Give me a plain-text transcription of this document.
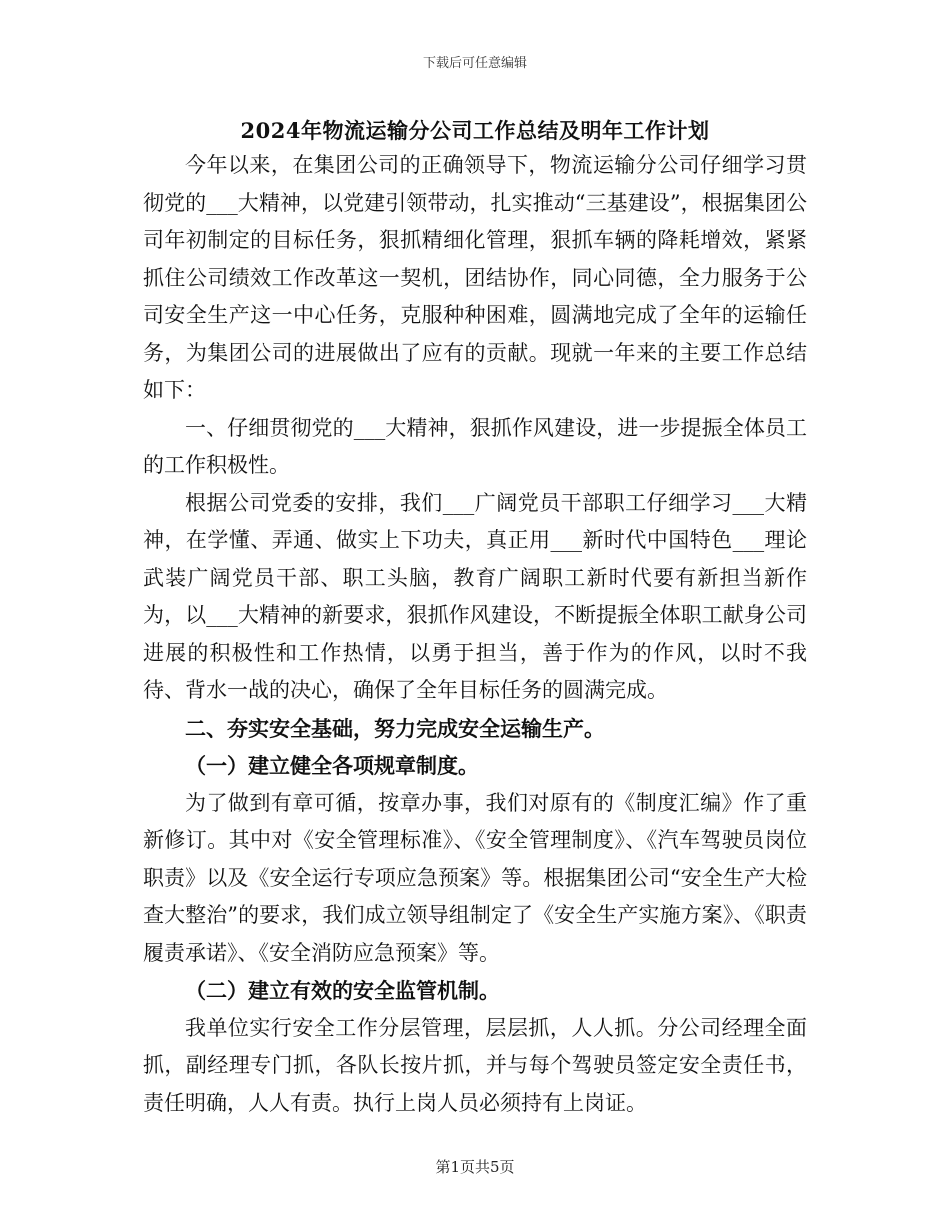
下载后可任意编辑
2024年物流运输分公司工作总结及明年工作计划

今年以来，在集团公司的正确领导下，物流运输分公司仔细学习贯彻党的___大精神，以党建引领带动，扎实推动“三基建设”，根据集团公司年初制定的目标任务，狠抓精细化管理，狠抓车辆的降耗增效，紧紧抓住公司绩效工作改革这一契机，团结协作，同心同德，全力服务于公司安全生产这一中心任务，克服种种困难，圆满地完成了全年的运输任务，为集团公司的进展做出了应有的贡献。现就一年来的主要工作总结如下：

一、仔细贯彻党的___大精神，狠抓作风建设，进一步提振全体员工的工作积极性。

根据公司党委的安排，我们___广阔党员干部职工仔细学习___大精神，在学懂、弄通、做实上下功夫，真正用___新时代中国特色___理论武装广阔党员干部、职工头脑，教育广阔职工新时代要有新担当新作为，以___大精神的新要求，狠抓作风建设，不断提振全体职工献身公司进展的积极性和工作热情，以勇于担当，善于作为的作风，以时不我待、背水一战的决心，确保了全年目标任务的圆满完成。

二、夯实安全基础，努力完成安全运输生产。

（一）建立健全各项规章制度。

为了做到有章可循，按章办事，我们对原有的《制度汇编》作了重新修订。其中对《安全管理标准》、《安全管理制度》、《汽车驾驶员岗位职责》以及《安全运行专项应急预案》等。根据集团公司“安全生产大检查大整治”的要求，我们成立领导组制定了《安全生产实施方案》、《职责履责承诺》、《安全消防应急预案》等。

（二）建立有效的安全监管机制。

我单位实行安全工作分层管理，层层抓，人人抓。分公司经理全面抓，副经理专门抓，各队长按片抓，并与每个驾驶员签定安全责任书，责任明确，人人有责。执行上岗人员必须持有上岗证。

第1页共5页
